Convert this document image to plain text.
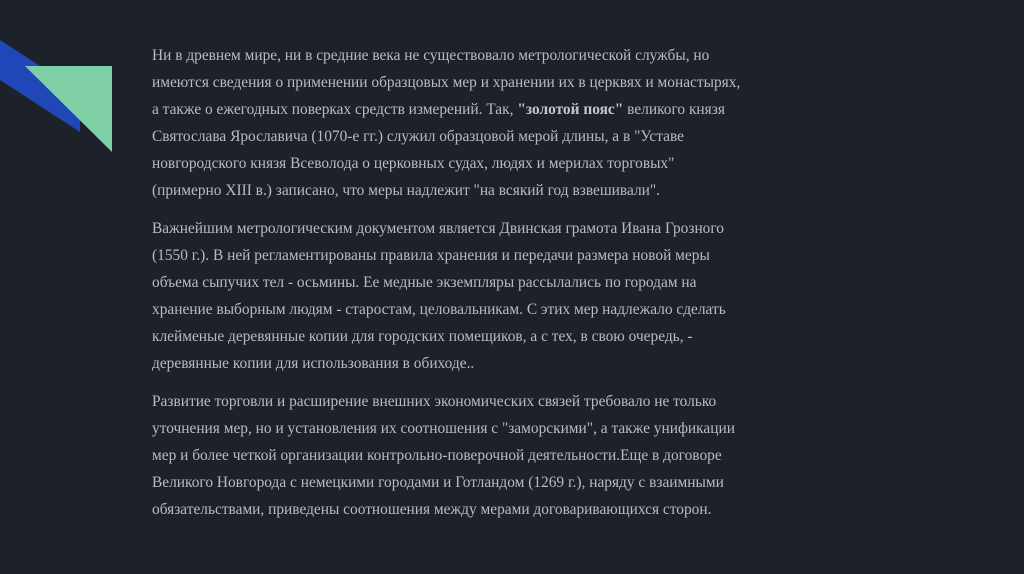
Ни в древнем мире, ни в средние века не существовало метрологической службы, но
имеются сведения о применении образцовых мер и хранении их в церквях и монастырях,
а также о ежегодных поверках средств измерений. Так, "золотой пояс" великого князя
Святослава Ярославича (1070-е гг.) служил образцовой мерой длины, а в "Уставе
новгородского князя Всеволода о церковных судах, людях и мерилах торговых"
(примерно XIII в.) записано, что меры надлежит "на всякий год взвешивали".
Важнейшим метрологическим документом является Двинская грамота Ивана Грозного
(1550 г.). В ней регламентированы правила хранения и передачи размера новой меры
объема сыпучих тел - осьмины. Ее медные экземпляры рассылались по городам на
хранение выборным людям - старостам, целовальникам. С этих мер надлежало сделать
клейменые деревянные копии для городских помещиков, а с тех, в свою очередь, -
деревянные копии для использования в обиходе..
Развитие торговли и расширение внешних экономических связей требовало не только
уточнения мер, но и установления их соотношения с "заморскими", а также унификации
мер и более четкой организации контрольно-поверочной деятельности.Еще в договоре
Великого Новгорода с немецкими городами и Готландом (1269 г.), наряду с взаимными
обязательствами, приведены соотношения между мерами договаривающихся сторон.
